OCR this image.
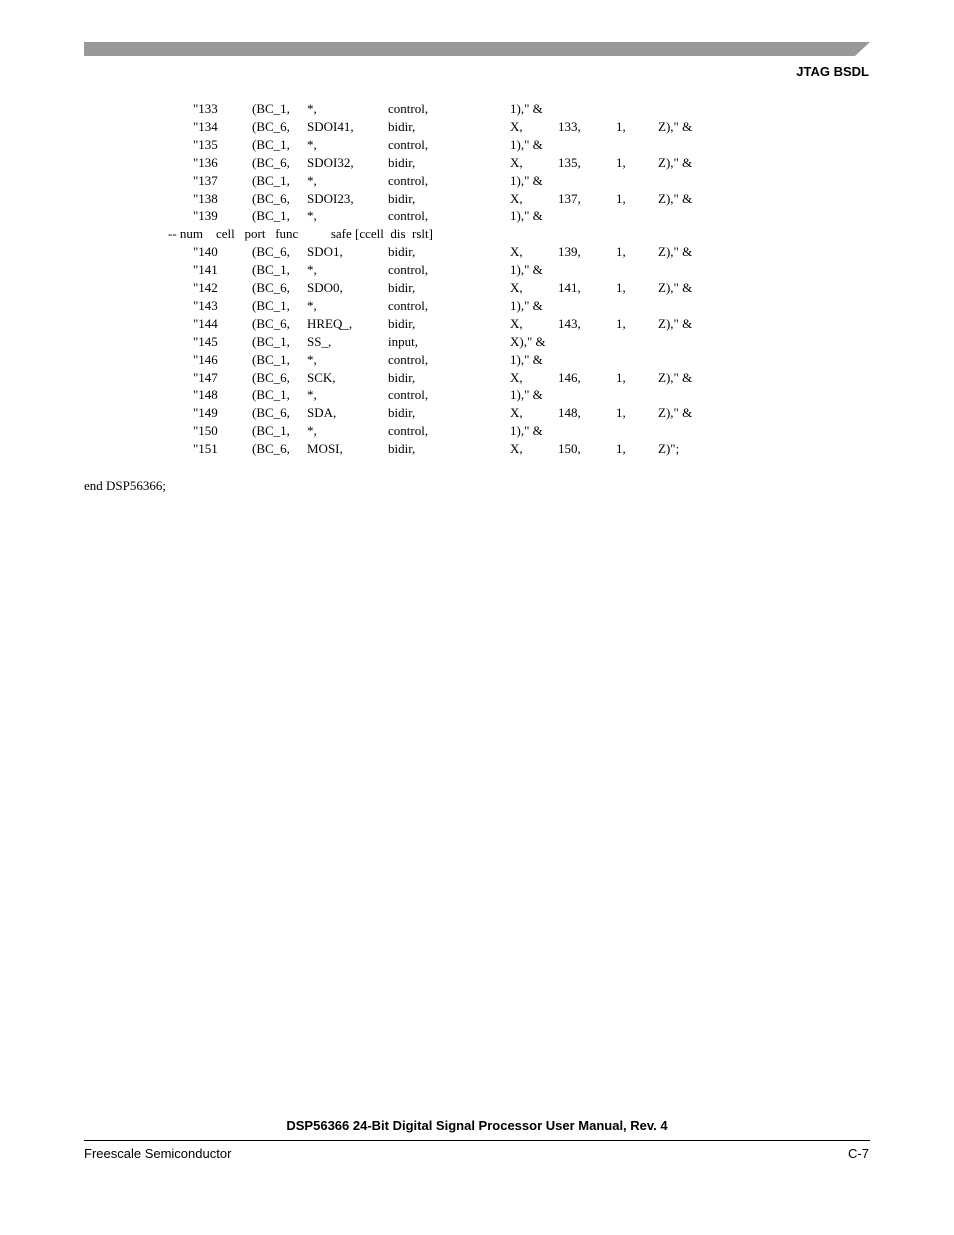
JTAG BSDL
"133	(BC_1, *,	control,	1)," &
"134	(BC_6, SDOI41,	bidir,	X,	133,	1, Z)," &
"135	(BC_1, *,	control,	1)," &
"136	(BC_6, SDOI32,	bidir,	X,	135,	1, Z)," &
"137	(BC_1, *,	control,	1)," &
"138	(BC_6, SDOI23,	bidir,	X,	137,	1, Z)," &
"139	(BC_1, *,	control,	1)," &
-- num    cell   port   func          safe [ccell  dis  rslt]
"140	(BC_6, SDO1,	bidir,	X,	139,	1, Z)," &
"141	(BC_1, *,	control,	1)," &
"142	(BC_6, SDO0,	bidir,	X,	141,	1, Z)," &
"143	(BC_1, *,	control,	1)," &
"144	(BC_6, HREQ_,	bidir,	X,	143,	1, Z)," &
"145	(BC_1, SS_,	input,	X)," &
"146	(BC_1, *,	control,	1)," &
"147	(BC_6, SCK,	bidir,	X,	146,	1, Z)," &
"148	(BC_1, *,	control,	1)," &
"149	(BC_6, SDA,	bidir,	X,	148,	1, Z)," &
"150	(BC_1, *,	control,	1)," &
"151	(BC_6, MOSI,	bidir,	X,	150,	1, Z)";
end DSP56366;
DSP56366 24-Bit Digital Signal Processor User Manual, Rev. 4
Freescale Semiconductor	C-7
